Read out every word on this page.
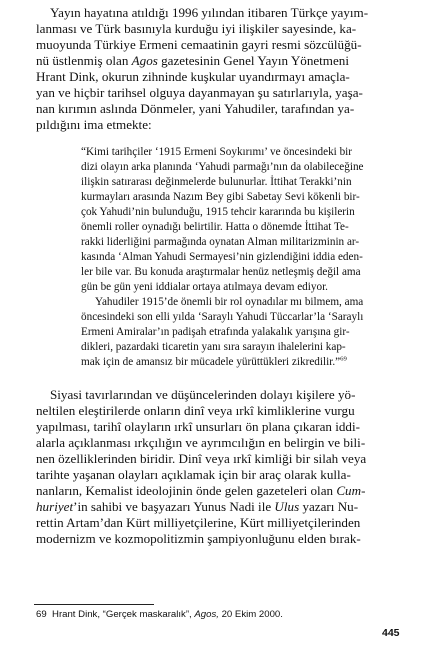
Yayın hayatına atıldığı 1996 yılından itibaren Türkçe yayım-

lanması ve Türk basınıyla kurduğu iyi ilişkiler sayesinde, ka-

muoyunda Türkiye Ermeni cemaatinin gayri resmi sözcülüğü-

nü üstlenmiş olan Agos gazetesinin Genel Yayın Yönetmeni

Hrant Dink, okurun zihninde kuşkular uyandırmayı amaçla-

yan ve hiçbir tarihsel olguya dayanmayan şu satırlarıyla, yaşa-

nan kırımın aslında Dönmeler, yani Yahudiler, tarafından ya-

pıldığını ima etmekte:

“Kimi tarihçiler ‘1915 Ermeni Soykırımı’ ve öncesindeki bir

dizi olayın arka planında ‘Yahudi parmağı’nın da olabileceğine

ilişkin satırarası değinmelerde bulunurlar. İttihat Terakki’nin

kurmayları arasında Nazım Bey gibi Sabetay Sevi kökenli bir-

çok Yahudi’nin bulunduğu, 1915 tehcir kararında bu kişilerin

önemli roller oynadığı belirtilir. Hatta o dönemde İttihat Te-

rakki liderliğini parmağında oynatan Alman militarizminin ar-

kasında ‘Alman Yahudi Sermayesi’nin gizlendiğini iddia eden-

ler bile var. Bu konuda araştırmalar henüz netleşmiş değil ama

gün be gün yeni iddialar ortaya atılmaya devam ediyor.

Yahudiler 1915’de önemli bir rol oynadılar mı bilmem, ama

öncesindeki son elli yılda ‘Saraylı Yahudi Tüccarlar’la ‘Saraylı

Ermeni Amiralar’ın padişah etrafında yalakalık yarışına gir-

dikleri, pazardaki ticaretin yanı sıra sarayın ihalelerini kap-

mak için de amansız bir mücadele yürüttükleri zikredilir.”$^{69}$

Siyasi tavırlarından ve düşüncelerinden dolayı kişilere yö-

neltilen eleştirilerde onların dinî veya ırkî kimliklerine vurgu

yapılması, tarihî olayların ırkî unsurları ön plana çıkaran iddi-

alarla açıklanması ırkçılığın ve ayrımcılığın en belirgin ve bili-

nen özelliklerinden biridir. Dinî veya ırkî kimliği bir silah veya

tarihte yaşanan olayları açıklamak için bir araç olarak kulla-

nanların, Kemalist ideolojinin önde gelen gazeteleri olan Cum-

huriyet’in sahibi ve başyazarı Yunus Nadi ile Ulus yazarı Nu-

rettin Artam’dan Kürt milliyetçilerine, Kürt milliyetçilerinden

modernizm ve kozmopolitizmin şampiyonluğunu elden bırak-

69 Hrant Dink, “Gerçek maskaralık”, Agos, 20 Ekim 2000.
445
